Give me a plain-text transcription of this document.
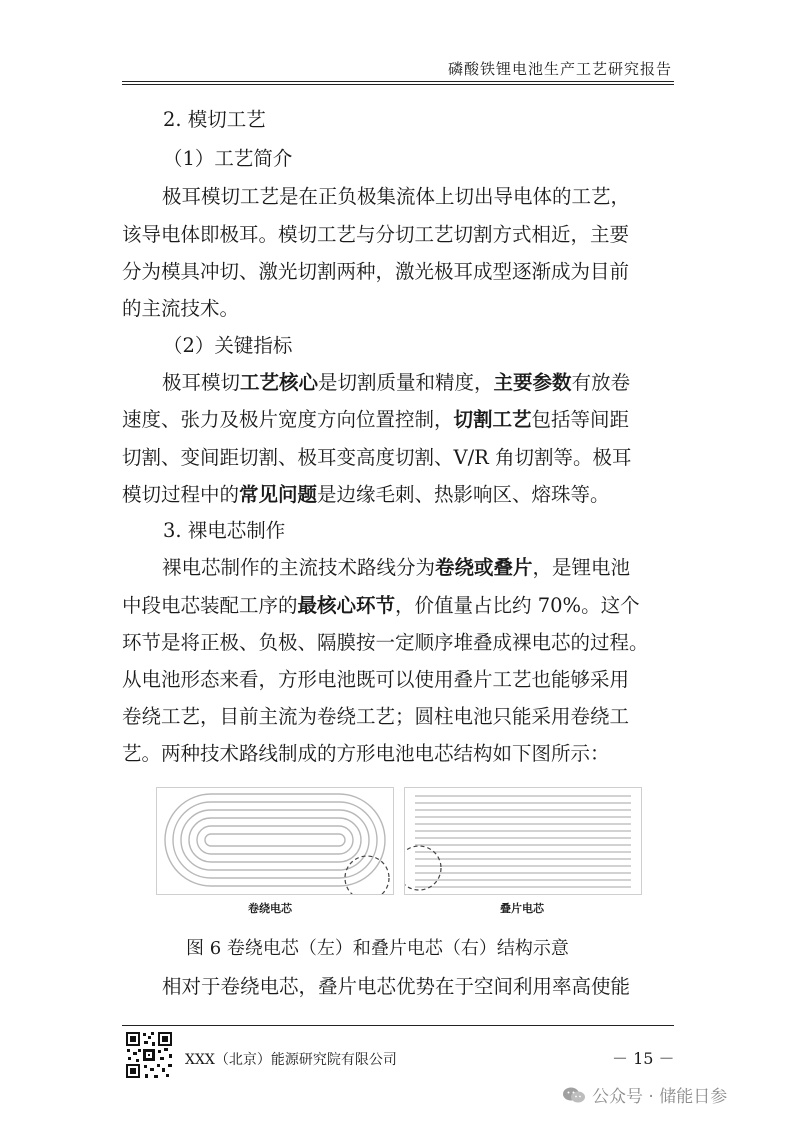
磷酸铁锂电池生产工艺研究报告
2. 模切工艺
（1）工艺简介
极耳模切工艺是在正负极集流体上切出导电体的工艺，
该导电体即极耳。模切工艺与分切工艺切割方式相近，主要
分为模具冲切、激光切割两种，激光极耳成型逐渐成为目前
的主流技术。
（2）关键指标
极耳模切工艺核心是切割质量和精度，主要参数有放卷
速度、张力及极片宽度方向位置控制，切割工艺包括等间距
切割、变间距切割、极耳变高度切割、V/R 角切割等。极耳
模切过程中的常见问题是边缘毛刺、热影响区、熔珠等。
3. 裸电芯制作
裸电芯制作的主流技术路线分为卷绕或叠片，是锂电池
中段电芯装配工序的最核心环节，价值量占比约 70%。这个
环节是将正极、负极、隔膜按一定顺序堆叠成裸电芯的过程。
从电池形态来看，方形电池既可以使用叠片工艺也能够采用
卷绕工艺，目前主流为卷绕工艺；圆柱电池只能采用卷绕工
艺。两种技术路线制成的方形电池电芯结构如下图所示：
卷绕电芯	叠片电芯
图 6 卷绕电芯（左）和叠片电芯（右）结构示意
相对于卷绕电芯，叠片电芯优势在于空间利用率高使能
XXX（北京）能源研究院有限公司	－ 15 －
公众号 · 储能日参
